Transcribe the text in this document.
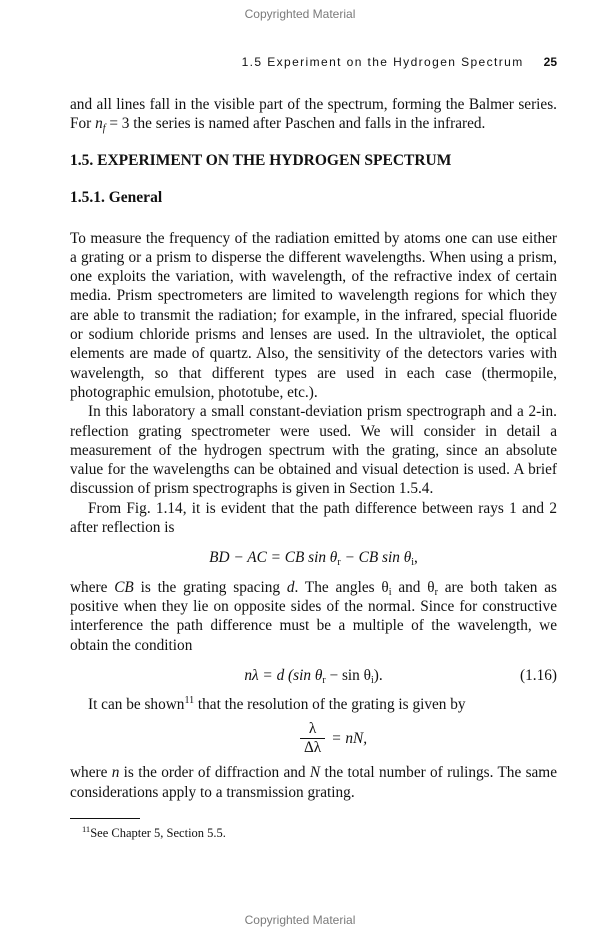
Copyrighted Material
1.5 Experiment on the Hydrogen Spectrum 25

and all lines fall in the visible part of the spectrum, forming the Balmer series. For $n_f = 3$ the series is named after Paschen and falls in the infrared.

1.5. EXPERIMENT ON THE HYDROGEN SPECTRUM
1.5.1. General

To measure the frequency of the radiation emitted by atoms one can use either a grating or a prism to disperse the different wavelengths. When using a prism, one exploits the variation, with wavelength, of the refractive index of certain media. Prism spectrometers are limited to wavelength regions for which they are able to transmit the radiation; for example, in the infrared, special fluoride or sodium chloride prisms and lenses are used. In the ultraviolet, the optical elements are made of quartz. Also, the sensitivity of the detectors varies with wavelength, so that different types are used in each case (thermopile, photographic emulsion, phototube, etc.).

In this laboratory a small constant-deviation prism spectrograph and a 2-in. reflection grating spectrometer were used. We will consider in detail a measurement of the hydrogen spectrum with the grating, since an absolute value for the wavelengths can be obtained and visual detection is used. A brief discussion of prism spectrographs is given in Section 1.5.4.

From Fig. 1.14, it is evident that the path difference between rays 1 and 2 after reflection is

BD − AC = CB $\sin \theta_r$ − CB $\sin \theta_i$,

where CB is the grating spacing d. The angles $\theta_i$ and $\theta_r$ are both taken as positive when they lie on opposite sides of the normal. Since for constructive interference the path difference must be a multiple of the wavelength, we obtain the condition

nλ = d (sin $\theta_r - \sin \theta_i$).	(1.16)

It can be shown$^{11}$ that the resolution of the grating is given by

$\frac{\lambda}{\Delta\lambda}$ = nN,

where n is the order of diffraction and N the total number of rulings. The same considerations apply to a transmission grating.

$^{11}$See Chapter 5, Section 5.5.
Copyrighted Material
